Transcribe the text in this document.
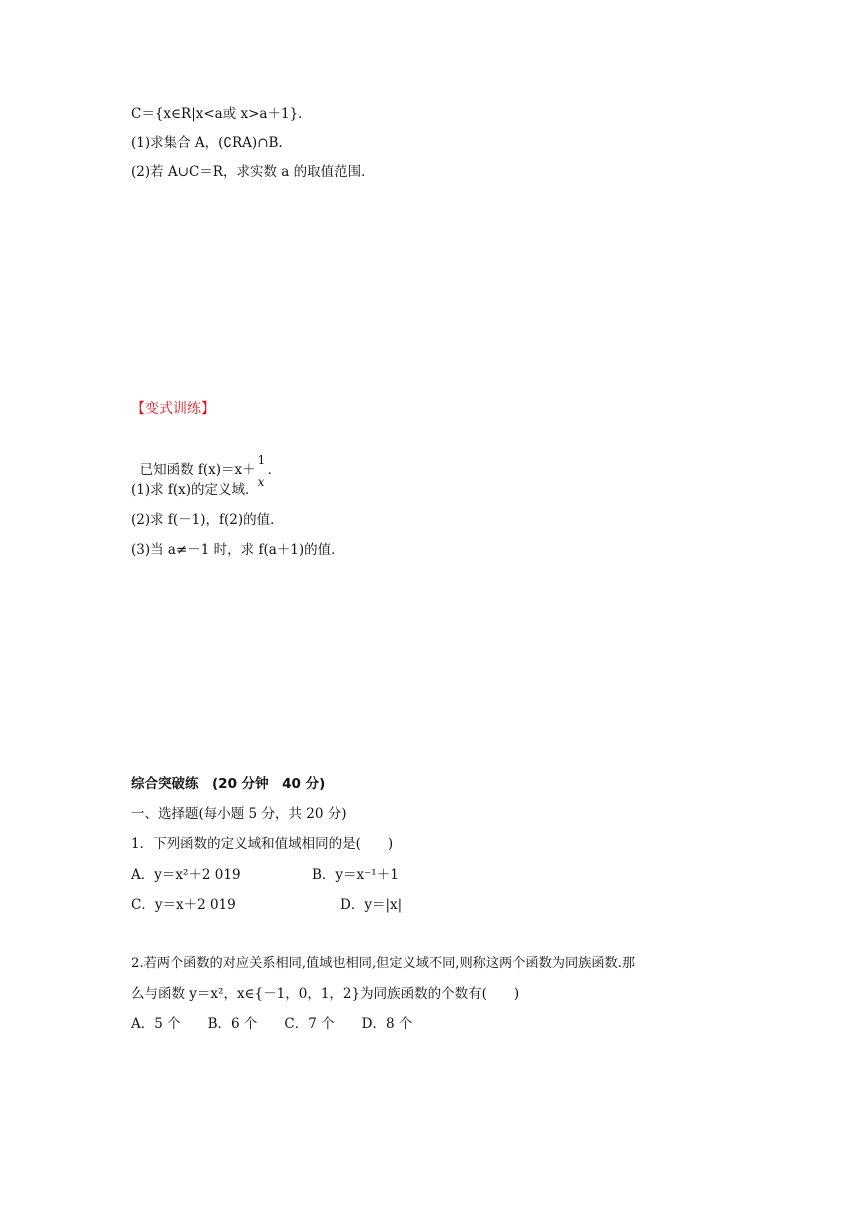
C＝{x∈R|x<a或 x>a＋1}．
(1)求集合 A，(∁RA)∩B.
(2)若 A∪C＝R，求实数 a 的取值范围．
【变式训练】

已知函数 f(x)＝x＋
1
x
．

(1)求 f(x)的定义域．
(2)求 f(－1)，f(2)的值．
(3)当 a≠－1 时，求 f(a＋1)的值．
综合突破练　(20 分钟　40 分)
一、选择题(每小题 5 分，共 20 分)
1．下列函数的定义域和值域相同的是(　　)
A．y＝x²＋2 019	B．y＝x⁻¹＋1
C．y＝x＋2 019	D．y＝|x|
2.若两个函数的对应关系相同,值域也相同,但定义域不同,则称这两个函数为同族函数.那
么与函数 y＝x²，x∈{－1，0，1，2}为同族函数的个数有(　　)
A．5 个　　B．6 个　　C．7 个　　D．8 个
